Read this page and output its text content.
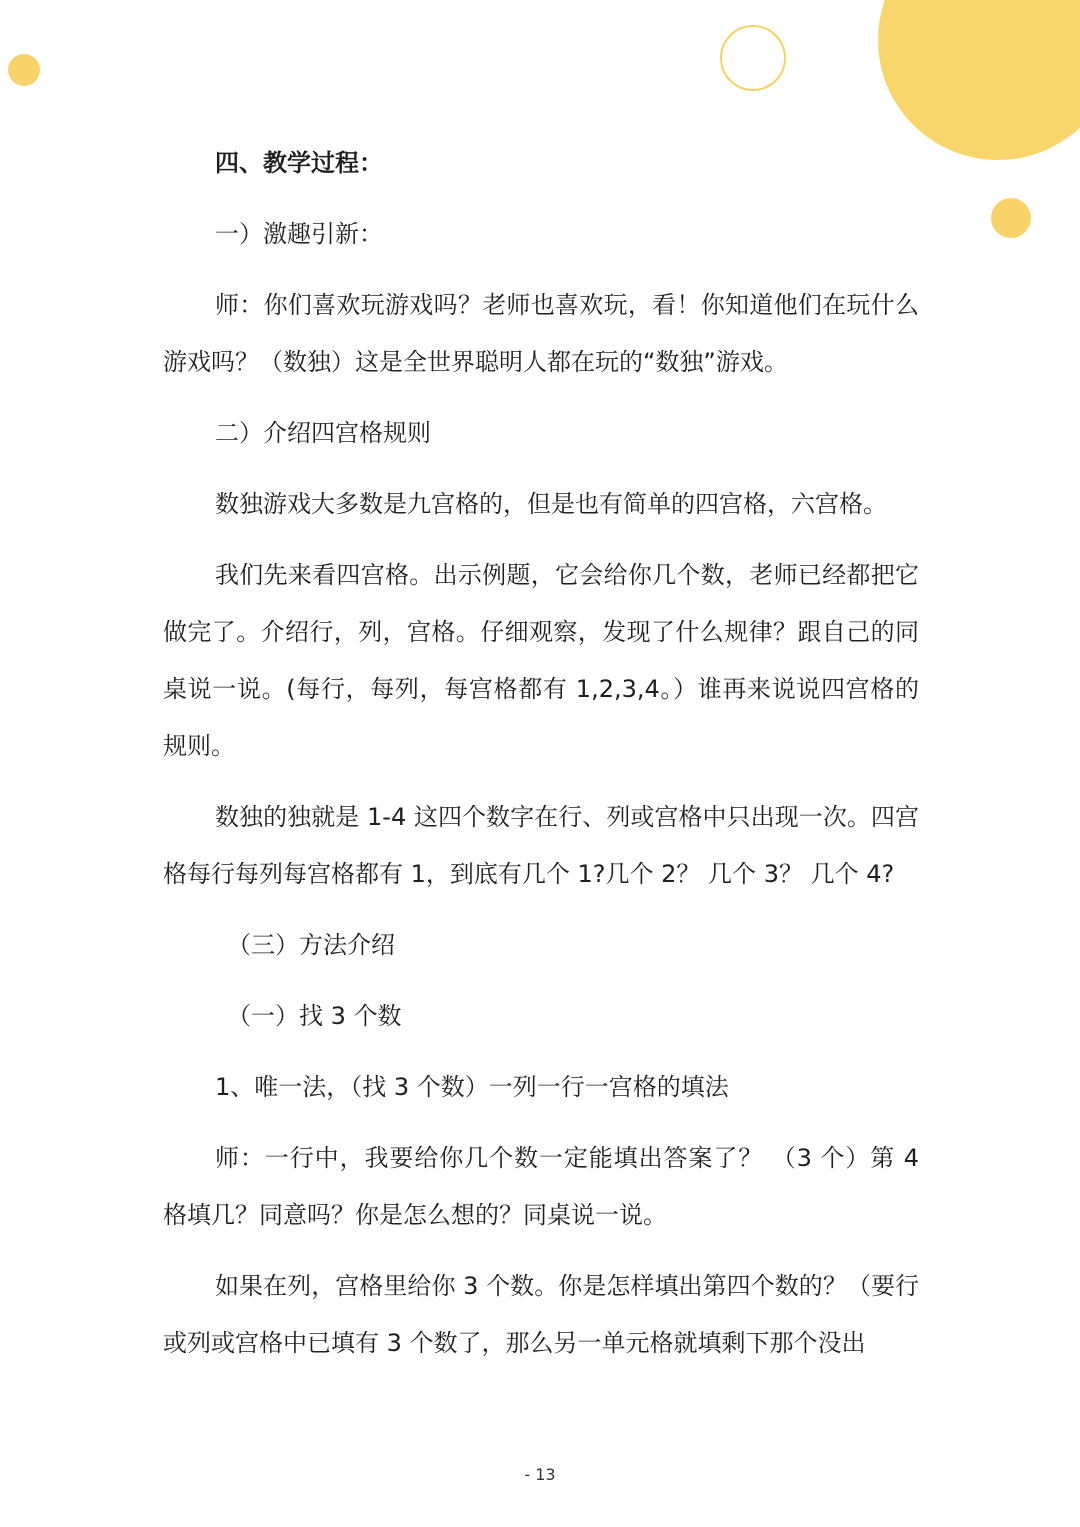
四、教学过程：

一）激趣引新：

师：你们喜欢玩游戏吗？老师也喜欢玩，看！你知道他们在玩什么游戏吗？（数独）这是全世界聪明人都在玩的“数独”游戏。

二）介绍四宫格规则

数独游戏大多数是九宫格的，但是也有简单的四宫格，六宫格。

我们先来看四宫格。出示例题，它会给你几个数，老师已经都把它做完了。介绍行，列，宫格。仔细观察，发现了什么规律？跟自己的同桌说一说。(每行，每列，每宫格都有 1,2,3,4。）谁再来说说四宫格的规则。

数独的独就是 1-4 这四个数字在行、列或宫格中只出现一次。四宫格每行每列每宫格都有 1，到底有几个 1?几个 2？ 几个 3？ 几个 4?

（三）方法介绍

（一）找 3 个数

1、唯一法，（找 3 个数）一列一行一宫格的填法

师：一行中，我要给你几个数一定能填出答案了？ （3 个）第 4 格填几？同意吗？你是怎么想的？同桌说一说。

如果在列，宫格里给你 3 个数。你是怎样填出第四个数的？（要行或列或宫格中已填有 3 个数了，那么另一单元格就填剩下那个没出

- 13
